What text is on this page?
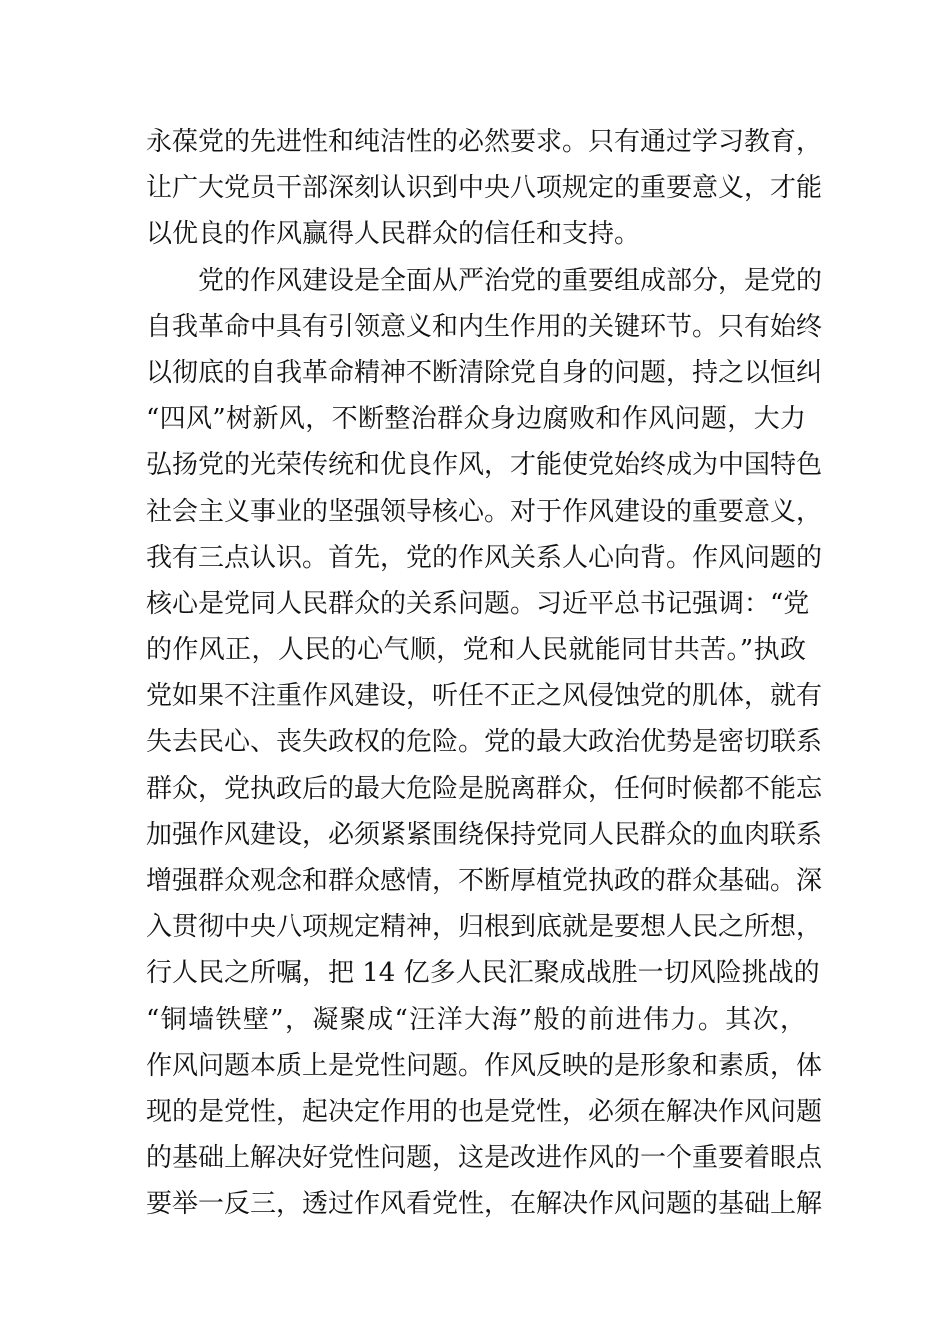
永葆党的先进性和纯洁性的必然要求。只有通过学习教育，
让广大党员干部深刻认识到中央八项规定的重要意义，才能
以优良的作风赢得人民群众的信任和支持。
党的作风建设是全面从严治党的重要组成部分，是党的
自我革命中具有引领意义和内生作用的关键环节。只有始终
以彻底的自我革命精神不断清除党自身的问题，持之以恒纠
“四风”树新风，不断整治群众身边腐败和作风问题，大力
弘扬党的光荣传统和优良作风，才能使党始终成为中国特色
社会主义事业的坚强领导核心。对于作风建设的重要意义，
我有三点认识。首先，党的作风关系人心向背。作风问题的
核心是党同人民群众的关系问题。习近平总书记强调：“党
的作风正，人民的心气顺，党和人民就能同甘共苦。”执政
党如果不注重作风建设，听任不正之风侵蚀党的肌体，就有
失去民心、丧失政权的危险。党的最大政治优势是密切联系
群众，党执政后的最大危险是脱离群众，任何时候都不能忘
加强作风建设，必须紧紧围绕保持党同人民群众的血肉联系
增强群众观念和群众感情，不断厚植党执政的群众基础。深
入贯彻中央八项规定精神，归根到底就是要想人民之所想，
行人民之所嘱，把 14 亿多人民汇聚成战胜一切风险挑战的
“铜墙铁壁”，凝聚成“汪洋大海”般的前进伟力。其次，
作风问题本质上是党性问题。作风反映的是形象和素质，体
现的是党性，起决定作用的也是党性，必须在解决作风问题
的基础上解决好党性问题，这是改进作风的一个重要着眼点
要举一反三，透过作风看党性，在解决作风问题的基础上解
